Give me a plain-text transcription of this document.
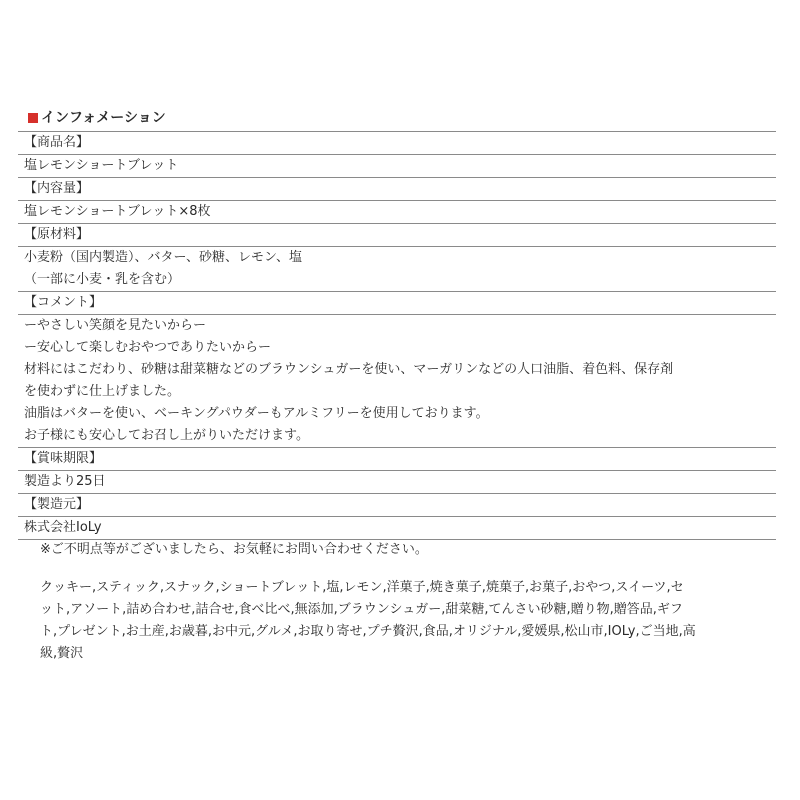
インフォメーション
【商品名】
塩レモンショートブレット
【内容量】
塩レモンショートブレット×8枚
【原材料】
小麦粉（国内製造）、バター、砂糖、レモン、塩
（一部に小麦・乳を含む）
【コメント】
ーやさしい笑顔を見たいからー
ー安心して楽しむおやつでありたいからー
材料にはこだわり、砂糖は甜菜糖などのブラウンシュガーを使い、マーガリンなどの人口油脂、着色料、保存剤
を使わずに仕上げました。
油脂はバターを使い、ベーキングパウダーもアルミフリーを使用しております。
お子様にも安心してお召し上がりいただけます。
【賞味期限】
製造より25日
【製造元】
株式会社IoLy
※ご不明点等がございましたら、お気軽にお問い合わせください。
クッキー,スティック,スナック,ショートブレット,塩,レモン,洋菓子,焼き菓子,焼菓子,お菓子,おやつ,スイーツ,セ
ット,アソート,詰め合わせ,詰合せ,食べ比べ,無添加,ブラウンシュガー,甜菜糖,てんさい砂糖,贈り物,贈答品,ギフ
ト,プレゼント,お土産,お歳暮,お中元,グルメ,お取り寄せ,プチ贅沢,食品,オリジナル,愛媛県,松山市,IOLy,ご当地,高
級,贅沢
